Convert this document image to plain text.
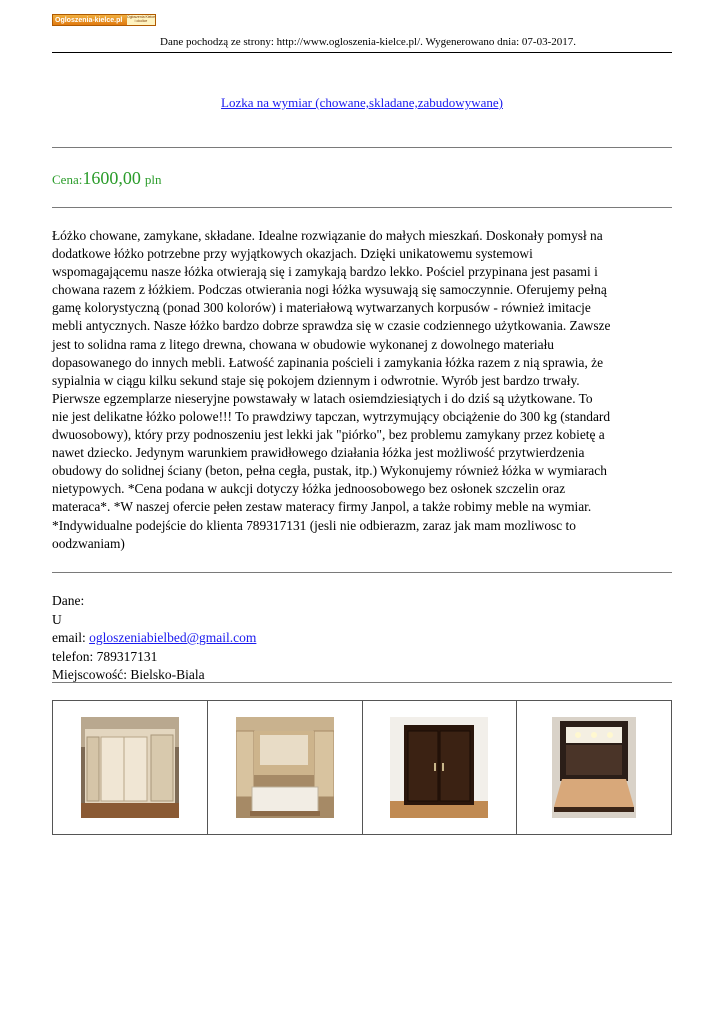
Ogloszenia-kielce.pl Ogłoszenia Kielce i okolice
Dane pochodzą ze strony: http://www.ogloszenia-kielce.pl/. Wygenerowano dnia: 07-03-2017.
Lozka na wymiar (chowane,skladane,zabudowywane)
Cena:1600,00 pln
Łóżko chowane, zamykane, składane. Idealne rozwiązanie do małych mieszkań. Doskonały pomysł na
dodatkowe łóżko potrzebne przy wyjątkowych okazjach. Dzięki unikatowemu systemowi
wspomagającemu nasze łóżka otwierają się i zamykają bardzo lekko. Pościel przypinana jest pasami i
chowana razem z łóżkiem. Podczas otwierania nogi łóżka wysuwają się samoczynnie. Oferujemy pełną
gamę kolorystyczną (ponad 300 kolorów) i materiałową wytwarzanych korpusów - również imitacje
mebli antycznych. Nasze łóżko bardzo dobrze sprawdza się w czasie codziennego użytkowania. Zawsze
jest to solidna rama z litego drewna, chowana w obudowie wykonanej z dowolnego materiału
dopasowanego do innych mebli. Łatwość zapinania pościeli i zamykania łóżka razem z nią sprawia, że
sypialnia w ciągu kilku sekund staje się pokojem dziennym i odwrotnie. Wyrób jest bardzo trwały.
Pierwsze egzemplarze nieseryjne powstawały w latach osiemdziesiątych i do dziś są użytkowane. To
nie jest delikatne łóżko polowe!!! To prawdziwy tapczan, wytrzymujący obciążenie do 300 kg (standard
dwuosobowy), który przy podnoszeniu jest lekki jak "piórko", bez problemu zamykany przez kobietę a
nawet dziecko. Jedynym warunkiem prawidłowego działania łóżka jest możliwość przytwierdzenia
obudowy do solidnej ściany (beton, pełna cegła, pustak, itp.) Wykonujemy również łóżka w wymiarach
nietypowych. *Cena podana w aukcji dotyczy łóżka jednoosobowego bez osłonek szczelin oraz
materaca*. *W naszej ofercie pełen zestaw materacy firmy Janpol, a także robimy meble na wymiar.
*Indywidualne podejście do klienta 789317131 (jesli nie odbierazm, zaraz jak mam mozliwosc to
oodzwaniam)
Dane:
U
email: ogloszeniabielbed@gmail.com
telefon: 789317131
Miejscowość: Bielsko-Biala
